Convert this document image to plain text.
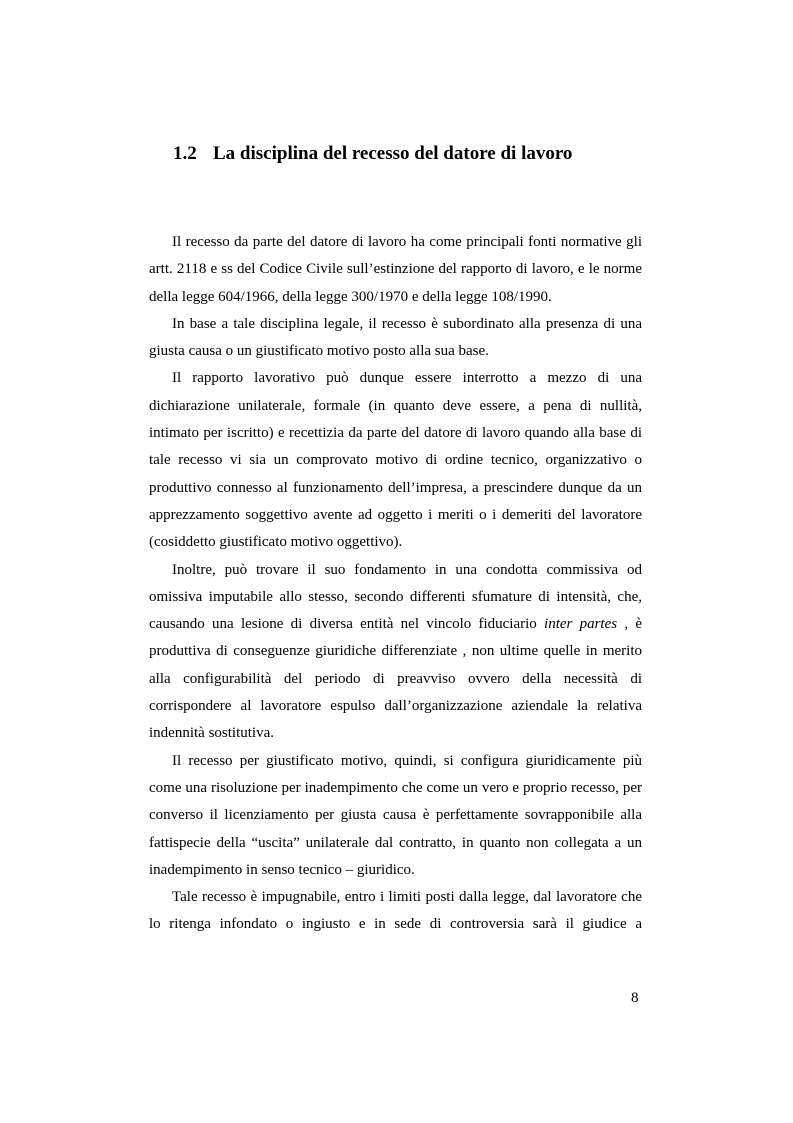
1.2 La disciplina del recesso del datore di lavoro

Il recesso da parte del datore di lavoro ha come principali fonti normative gli artt. 2118 e ss del Codice Civile sull’estinzione del rapporto di lavoro, e le norme della legge 604/1966, della legge 300/1970 e della legge 108/1990.

In base a tale disciplina legale, il recesso è subordinato alla presenza di una giusta causa o un giustificato motivo posto alla sua base.

Il rapporto lavorativo può dunque essere interrotto a mezzo di una dichiarazione unilaterale, formale (in quanto deve essere, a pena di nullità, intimato per iscritto) e recettizia da parte del datore di lavoro quando alla base di tale recesso vi sia un comprovato motivo di ordine tecnico, organizzativo o produttivo connesso al funzionamento dell’impresa, a prescindere dunque da un apprezzamento soggettivo avente ad oggetto i meriti o i demeriti del lavoratore (cosiddetto giustificato motivo oggettivo).

Inoltre, può trovare il suo fondamento in una condotta commissiva od omissiva imputabile allo stesso, secondo differenti sfumature di intensità, che, causando una lesione di diversa entità nel vincolo fiduciario inter partes , è produttiva di conseguenze giuridiche differenziate , non ultime quelle in merito alla configurabilità del periodo di preavviso ovvero della necessità di corrispondere al lavoratore espulso dall’organizzazione aziendale la relativa indennità sostitutiva.

Il recesso per giustificato motivo, quindi, si configura giuridicamente più come una risoluzione per inadempimento che come un vero e proprio recesso, per converso il licenziamento per giusta causa è perfettamente sovrapponibile alla fattispecie della “uscita” unilaterale dal contratto, in quanto non collegata a un inadempimento in senso tecnico – giuridico.

Tale recesso è impugnabile, entro i limiti posti dalla legge, dal lavoratore che lo ritenga infondato o ingiusto e in sede di controversia sarà il giudice a

8
